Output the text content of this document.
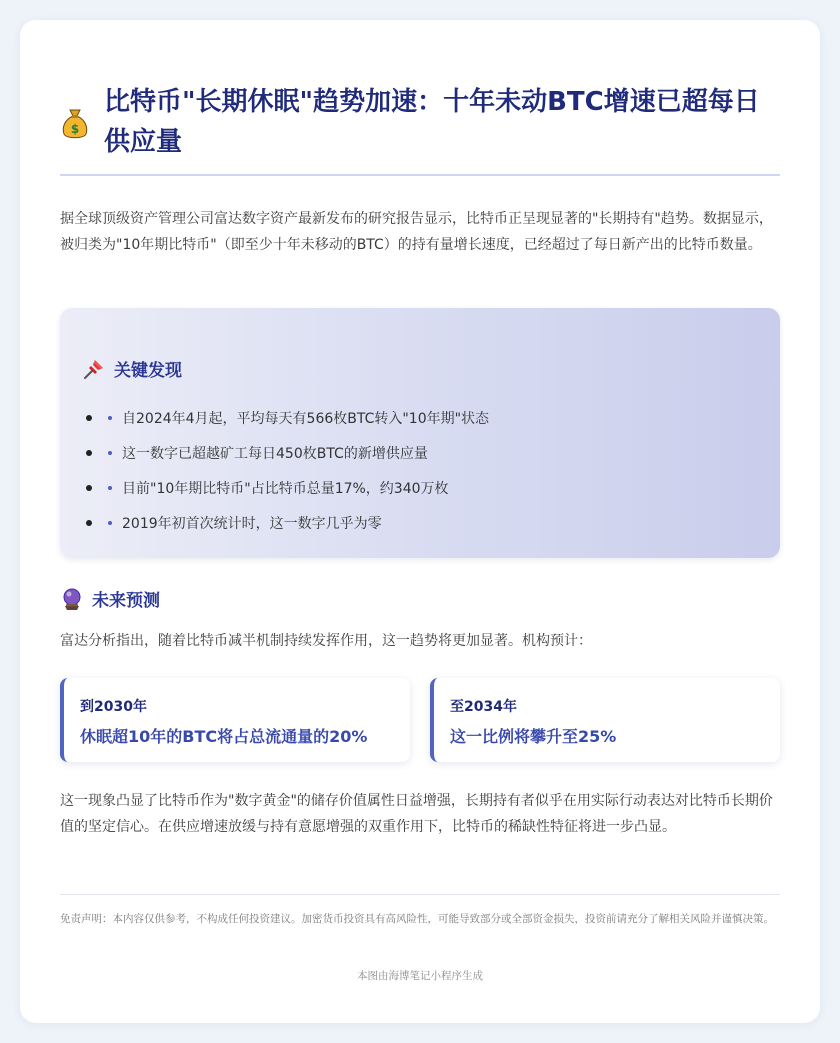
$
比特币"长期休眠"趋势加速：十年未动BTC增速已超每日供应量

据全球顶级资产管理公司富达数字资产最新发布的研究报告显示，比特币正呈现显著的"长期持有"趋势。数据显示，被归类为"10年期比特币"（即至少十年未移动的BTC）的持有量增长速度，已经超过了每日新产出的比特币数量。

关键发现
自2024年4月起，平均每天有566枚BTC转入"10年期"状态
这一数字已超越矿工每日450枚BTC的新增供应量
目前"10年期比特币"占比特币总量17%，约340万枚
2019年初首次统计时，这一数字几乎为零
未来预测

富达分析指出，随着比特币减半机制持续发挥作用，这一趋势将更加显著。机构预计：

到2030年
休眠超10年的BTC将占总流通量的20%
至2034年
这一比例将攀升至25%

这一现象凸显了比特币作为"数字黄金"的储存价值属性日益增强，长期持有者似乎在用实际行动表达对比特币长期价值的坚定信心。在供应增速放缓与持有意愿增强的双重作用下，比特币的稀缺性特征将进一步凸显。

免责声明：本内容仅供参考，不构成任何投资建议。加密货币投资具有高风险性，可能导致部分或全部资金损失，投资前请充分了解相关风险并谨慎决策。

本图由海博笔记小程序生成
